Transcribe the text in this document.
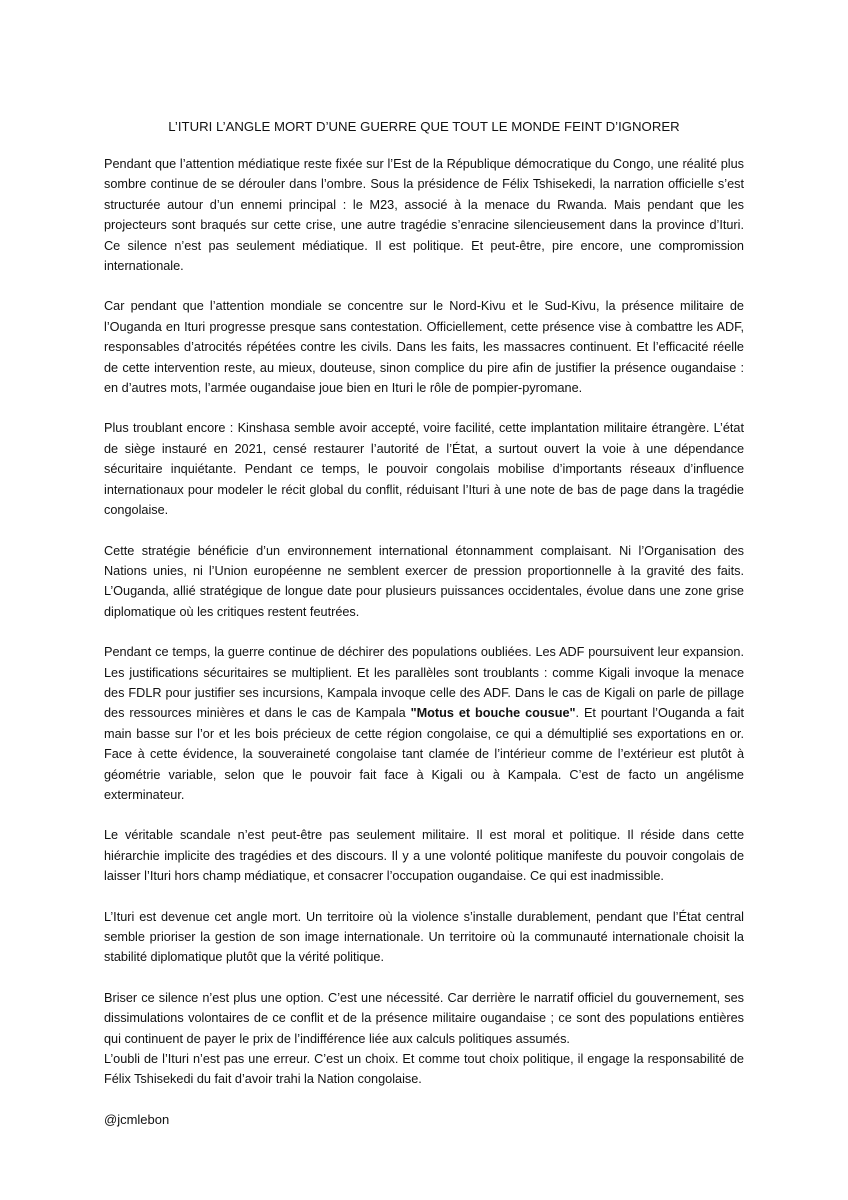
L’ITURI L’ANGLE MORT D’UNE GUERRE QUE TOUT LE MONDE FEINT D’IGNORER

Pendant que l’attention médiatique reste fixée sur l’Est de la République démocratique du Congo, une réalité plus sombre continue de se dérouler dans l’ombre. Sous la présidence de Félix Tshisekedi, la narration officielle s’est structurée autour d’un ennemi principal : le M23, associé à la menace du Rwanda. Mais pendant que les projecteurs sont braqués sur cette crise, une autre tragédie s’enracine silencieusement dans la province d’Ituri. Ce silence n’est pas seulement médiatique. Il est politique. Et peut-être, pire encore, une compromission internationale.

Car pendant que l’attention mondiale se concentre sur le Nord-Kivu et le Sud-Kivu, la présence militaire de l’Ouganda en Ituri progresse presque sans contestation. Officiellement, cette présence vise à combattre les ADF, responsables d’atrocités répétées contre les civils. Dans les faits, les massacres continuent. Et l’efficacité réelle de cette intervention reste, au mieux, douteuse, sinon complice du pire afin de justifier la présence ougandaise : en d’autres mots, l’armée ougandaise joue bien en Ituri le rôle de pompier-pyromane.

Plus troublant encore : Kinshasa semble avoir accepté, voire facilité, cette implantation militaire étrangère. L’état de siège instauré en 2021, censé restaurer l’autorité de l’État, a surtout ouvert la voie à une dépendance sécuritaire inquiétante. Pendant ce temps, le pouvoir congolais mobilise d’importants réseaux d’influence internationaux pour modeler le récit global du conflit, réduisant l’Ituri à une note de bas de page dans la tragédie congolaise.

Cette stratégie bénéficie d’un environnement international étonnamment complaisant. Ni l’Organisation des Nations unies, ni l’Union européenne ne semblent exercer de pression proportionnelle à la gravité des faits. L’Ouganda, allié stratégique de longue date pour plusieurs puissances occidentales, évolue dans une zone grise diplomatique où les critiques restent feutrées.

Pendant ce temps, la guerre continue de déchirer des populations oubliées. Les ADF poursuivent leur expansion. Les justifications sécuritaires se multiplient. Et les parallèles sont troublants : comme Kigali invoque la menace des FDLR pour justifier ses incursions, Kampala invoque celle des ADF. Dans le cas de Kigali on parle de pillage des ressources minières et dans le cas de Kampala "Motus et bouche cousue". Et pourtant l’Ouganda a fait main basse sur l’or et les bois précieux de cette région congolaise, ce qui a démultiplié ses exportations en or. Face à cette évidence, la souveraineté congolaise tant clamée de l’intérieur comme de l’extérieur est plutôt à géométrie variable, selon que le pouvoir fait face à Kigali ou à Kampala. C’est de facto un angélisme exterminateur.

Le véritable scandale n’est peut-être pas seulement militaire. Il est moral et politique. Il réside dans cette hiérarchie implicite des tragédies et des discours. Il y a une volonté politique manifeste du pouvoir congolais de laisser l’Ituri hors champ médiatique, et consacrer l’occupation ougandaise. Ce qui est inadmissible.

L’Ituri est devenue cet angle mort. Un territoire où la violence s’installe durablement, pendant que l’État central semble prioriser la gestion de son image internationale. Un territoire où la communauté internationale choisit la stabilité diplomatique plutôt que la vérité politique.

Briser ce silence n’est plus une option. C’est une nécessité. Car derrière le narratif officiel du gouvernement, ses dissimulations volontaires de ce conflit et de la présence militaire ougandaise ; ce sont des populations entières qui continuent de payer le prix de l’indifférence liée aux calculs politiques assumés.

L’oubli de l’Ituri n’est pas une erreur. C’est un choix. Et comme tout choix politique, il engage la responsabilité de Félix Tshisekedi du fait d’avoir trahi la Nation congolaise.

@jcmlebon
